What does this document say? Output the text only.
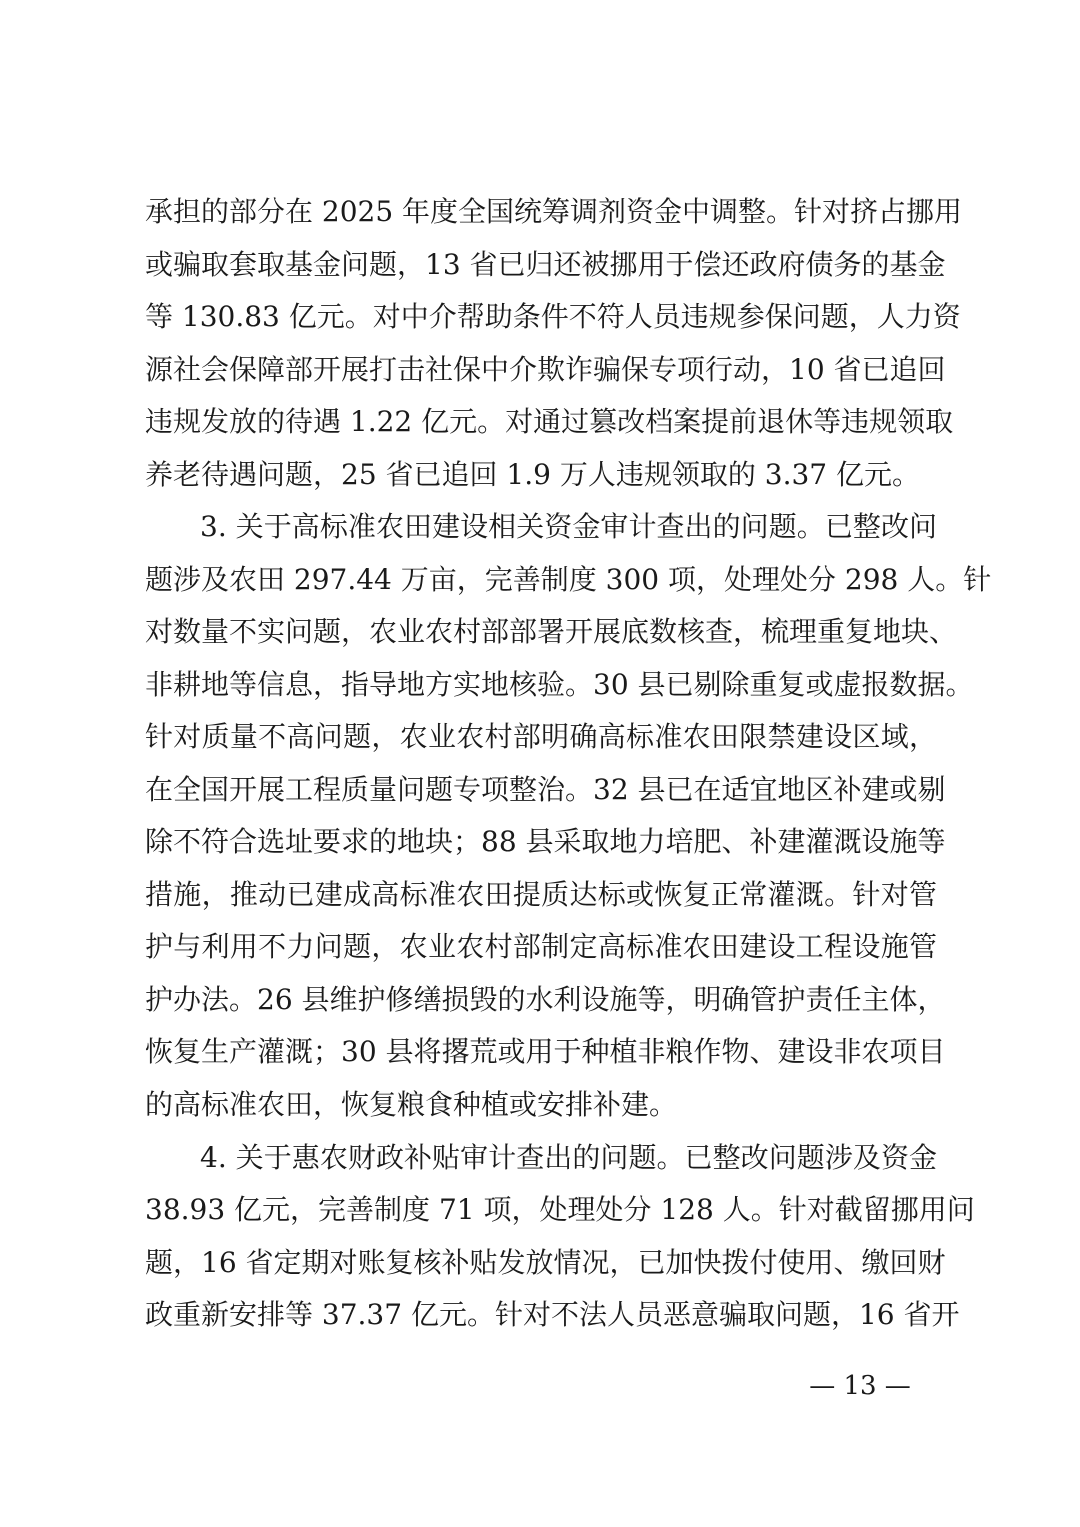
承担的部分在 2025 年度全国统筹调剂资金中调整。针对挤占挪用
或骗取套取基金问题，13 省已归还被挪用于偿还政府债务的基金
等 130.83 亿元。对中介帮助条件不符人员违规参保问题，人力资
源社会保障部开展打击社保中介欺诈骗保专项行动，10 省已追回
违规发放的待遇 1.22 亿元。对通过篡改档案提前退休等违规领取
养老待遇问题，25 省已追回 1.9 万人违规领取的 3.37 亿元。
3. 关于高标准农田建设相关资金审计查出的问题。已整改问
题涉及农田 297.44 万亩，完善制度 300 项，处理处分 298 人。针
对数量不实问题，农业农村部部署开展底数核查，梳理重复地块、
非耕地等信息，指导地方实地核验。30 县已剔除重复或虚报数据。
针对质量不高问题，农业农村部明确高标准农田限禁建设区域，
在全国开展工程质量问题专项整治。32 县已在适宜地区补建或剔
除不符合选址要求的地块；88 县采取地力培肥、补建灌溉设施等
措施，推动已建成高标准农田提质达标或恢复正常灌溉。针对管
护与利用不力问题，农业农村部制定高标准农田建设工程设施管
护办法。26 县维护修缮损毁的水利设施等，明确管护责任主体，
恢复生产灌溉；30 县将撂荒或用于种植非粮作物、建设非农项目
的高标准农田，恢复粮食种植或安排补建。
4. 关于惠农财政补贴审计查出的问题。已整改问题涉及资金
38.93 亿元，完善制度 71 项，处理处分 128 人。针对截留挪用问
题，16 省定期对账复核补贴发放情况，已加快拨付使用、缴回财
政重新安排等 37.37 亿元。针对不法人员恶意骗取问题，16 省开
— 13 —
